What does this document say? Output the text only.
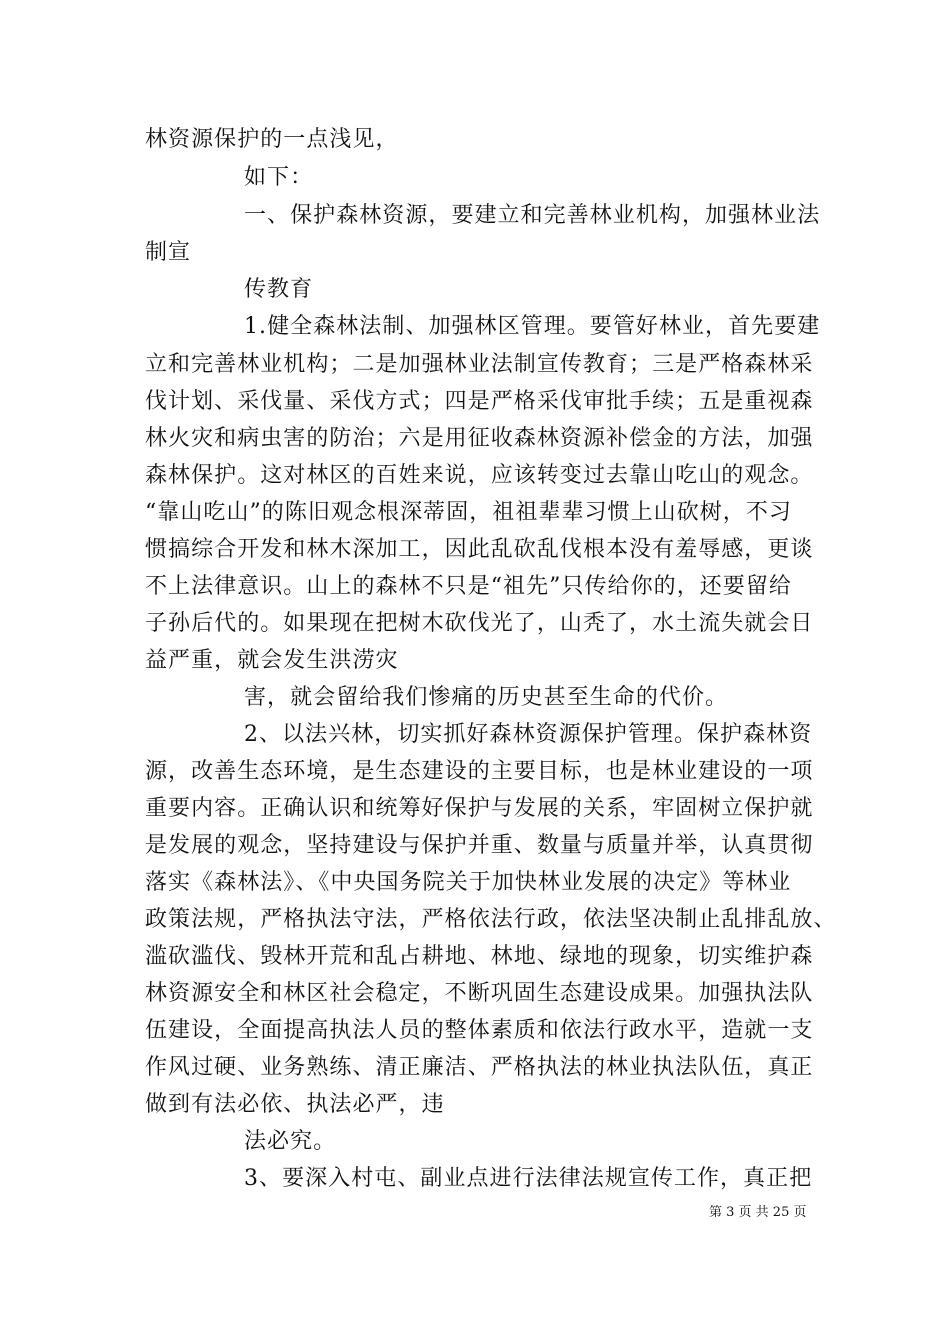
林资源保护的一点浅见，
如下：
一、保护森林资源，要建立和完善林业机构，加强林业法
制宣
传教育
1.健全森林法制、加强林区管理。要管好林业，首先要建
立和完善林业机构；二是加强林业法制宣传教育；三是严格森林采
伐计划、采伐量、采伐方式；四是严格采伐审批手续；五是重视森
林火灾和病虫害的防治；六是用征收森林资源补偿金的方法，加强
森林保护。这对林区的百姓来说，应该转变过去靠山吃山的观念。
“靠山吃山”的陈旧观念根深蒂固，祖祖辈辈习惯上山砍树，不习
惯搞综合开发和林木深加工，因此乱砍乱伐根本没有羞辱感，更谈
不上法律意识。山上的森林不只是“祖先”只传给你的，还要留给
子孙后代的。如果现在把树木砍伐光了，山秃了，水土流失就会日
益严重，就会发生洪涝灾
害，就会留给我们惨痛的历史甚至生命的代价。
2、以法兴林，切实抓好森林资源保护管理。保护森林资
源，改善生态环境，是生态建设的主要目标，也是林业建设的一项
重要内容。正确认识和统筹好保护与发展的关系，牢固树立保护就
是发展的观念，坚持建设与保护并重、数量与质量并举，认真贯彻
落实《森林法》、《中央国务院关于加快林业发展的决定》等林业
政策法规，严格执法守法，严格依法行政，依法坚决制止乱排乱放、
滥砍滥伐、毁林开荒和乱占耕地、林地、绿地的现象，切实维护森
林资源安全和林区社会稳定，不断巩固生态建设成果。加强执法队
伍建设，全面提高执法人员的整体素质和依法行政水平，造就一支
作风过硬、业务熟练、清正廉洁、严格执法的林业执法队伍，真正
做到有法必依、执法必严，违
法必究。
3、要深入村屯、副业点进行法律法规宣传工作，真正把
第 3 页 共 25 页
